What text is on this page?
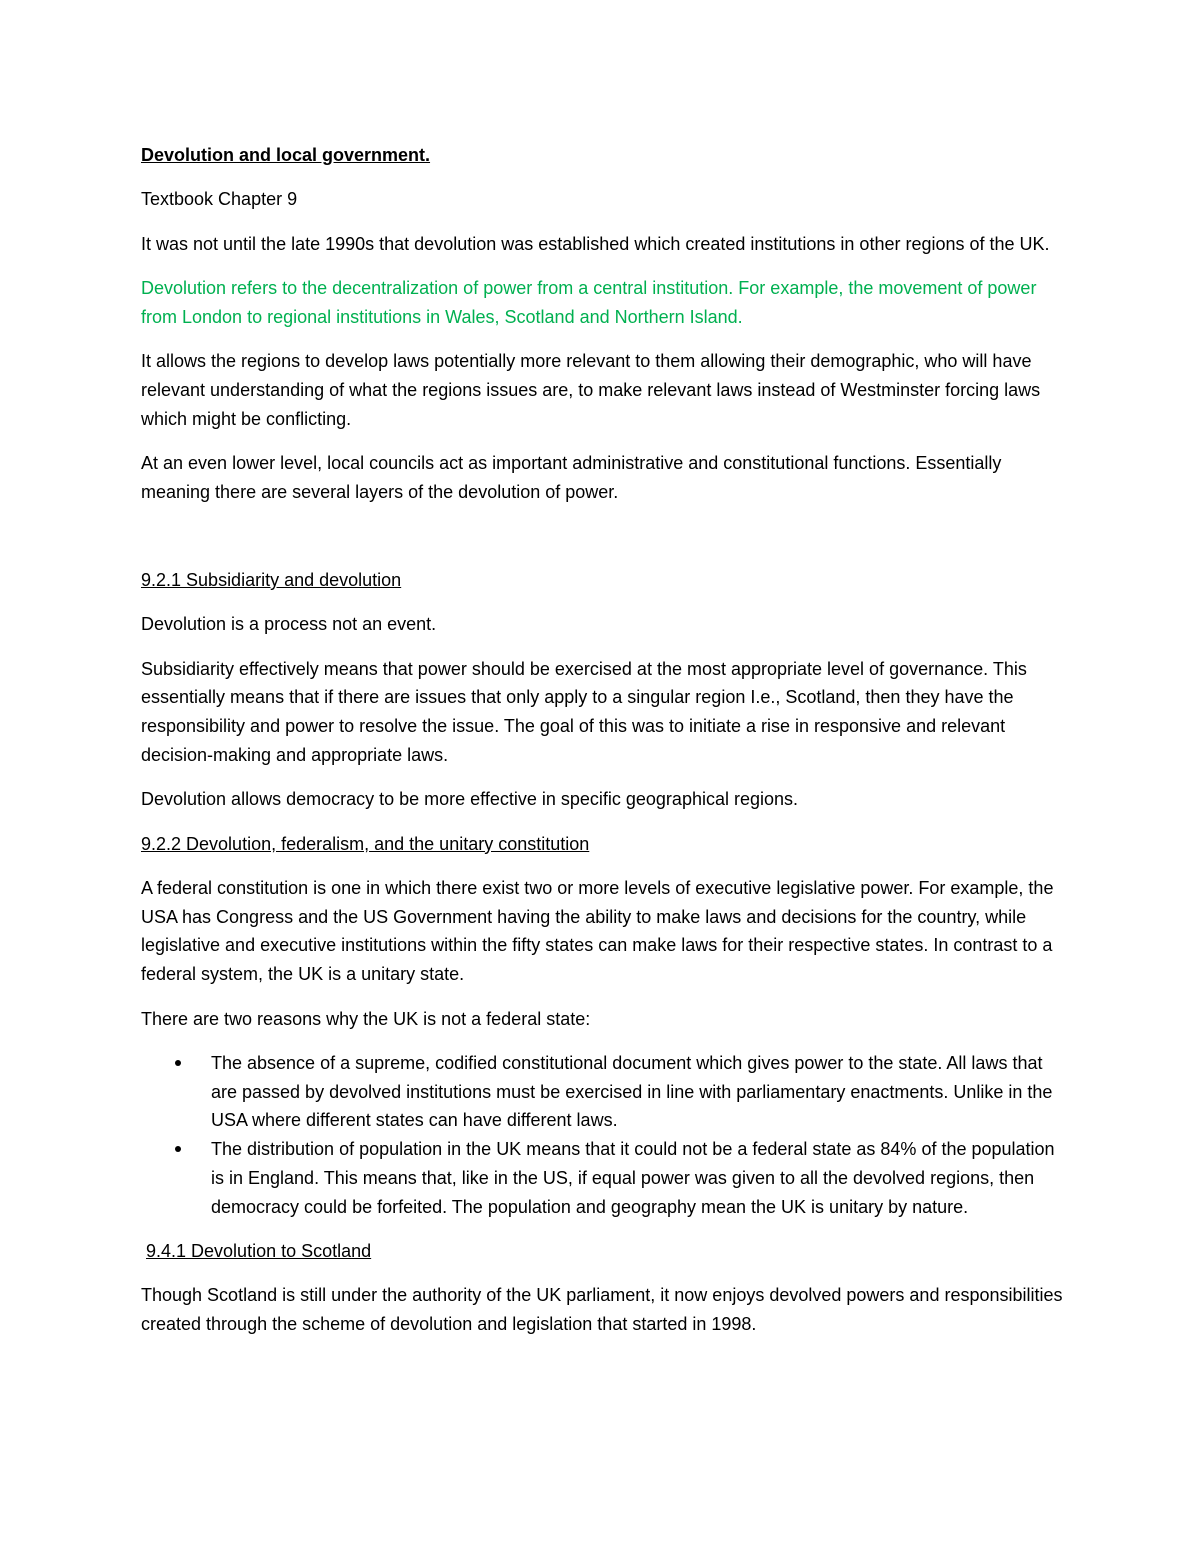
Devolution and local government.

Textbook Chapter 9

It was not until the late 1990s that devolution was established which created institutions in other regions of the UK.

Devolution refers to the decentralization of power from a central institution. For example, the movement of power from London to regional institutions in Wales, Scotland and Northern Island.

It allows the regions to develop laws potentially more relevant to them allowing their demographic, who will have relevant understanding of what the regions issues are, to make relevant laws instead of Westminster forcing laws which might be conflicting.

At an even lower level, local councils act as important administrative and constitutional functions. Essentially meaning there are several layers of the devolution of power.

9.2.1 Subsidiarity and devolution

Devolution is a process not an event.

Subsidiarity effectively means that power should be exercised at the most appropriate level of governance. This essentially means that if there are issues that only apply to a singular region I.e., Scotland, then they have the responsibility and power to resolve the issue. The goal of this was to initiate a rise in responsive and relevant decision-making and appropriate laws.

Devolution allows democracy to be more effective in specific geographical regions.

9.2.2 Devolution, federalism, and the unitary constitution

A federal constitution is one in which there exist two or more levels of executive legislative power. For example, the USA has Congress and the US Government having the ability to make laws and decisions for the country, while legislative and executive institutions within the fifty states can make laws for their respective states. In contrast to a federal system, the UK is a unitary state.

There are two reasons why the UK is not a federal state:

The absence of a supreme, codified constitutional document which gives power to the state. All laws that are passed by devolved institutions must be exercised in line with parliamentary enactments. Unlike in the USA where different states can have different laws.
The distribution of population in the UK means that it could not be a federal state as 84% of the population is in England. This means that, like in the US, if equal power was given to all the devolved regions, then democracy could be forfeited. The population and geography mean the UK is unitary by nature.

9.4.1 Devolution to Scotland

Though Scotland is still under the authority of the UK parliament, it now enjoys devolved powers and responsibilities created through the scheme of devolution and legislation that started in 1998.
